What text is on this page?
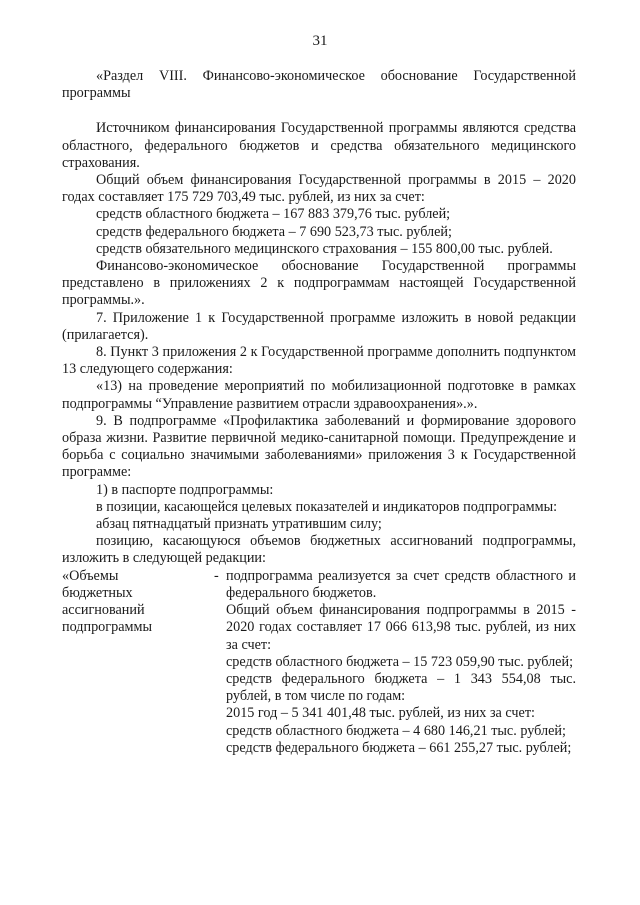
31

«Раздел VIII. Финансово-экономическое обоснование Государственной программы

Источником финансирования Государственной программы являются средства областного, федерального бюджетов и средства обязательного медицинского страхования.

Общий объем финансирования Государственной программы в 2015 – 2020 годах составляет 175 729 703,49 тыс. рублей, из них за счет:

средств областного бюджета – 167 883 379,76 тыс. рублей;

средств федерального бюджета – 7 690 523,73 тыс. рублей;

средств обязательного медицинского страхования – 155 800,00 тыс. рублей.

Финансово-экономическое обоснование Государственной программы представлено в приложениях 2 к подпрограммам настоящей Государственной программы.».

7. Приложение 1 к Государственной программе изложить в новой редакции (прилагается).

8. Пункт 3 приложения 2 к Государственной программе дополнить подпунктом 13 следующего содержания:

«13) на проведение мероприятий по мобилизационной подготовке в рамках подпрограммы “Управление развитием отрасли здравоохранения».».

9. В подпрограмме «Профилактика заболеваний и формирование здорового образа жизни. Развитие первичной медико-санитарной помощи. Предупреждение и борьба с социально значимыми заболеваниями» приложения 3 к Государственной программе:

1) в паспорте подпрограммы:

в позиции, касающейся целевых показателей и индикаторов подпрограммы:

абзац пятнадцатый признать утратившим силу;

позицию, касающуюся объемов бюджетных ассигнований подпрограммы, изложить в следующей редакции:

«Объемы
бюджетных
ассигнований
подпрограммы
- подпрограмма реализуется за счет средств областного и федерального бюджетов.

Общий объем финансирования подпрограммы в 2015 - 2020 годах составляет 17 066 613,98 тыс. рублей, из них за счет:

средств областного бюджета – 15 723 059,90 тыс. рублей;

средств федерального бюджета – 1 343 554,08 тыс. рублей, в том числе по годам:

2015 год – 5 341 401,48 тыс. рублей, из них за счет:

средств областного бюджета – 4 680 146,21 тыс. рублей;

средств федерального бюджета – 661 255,27 тыс. рублей;
